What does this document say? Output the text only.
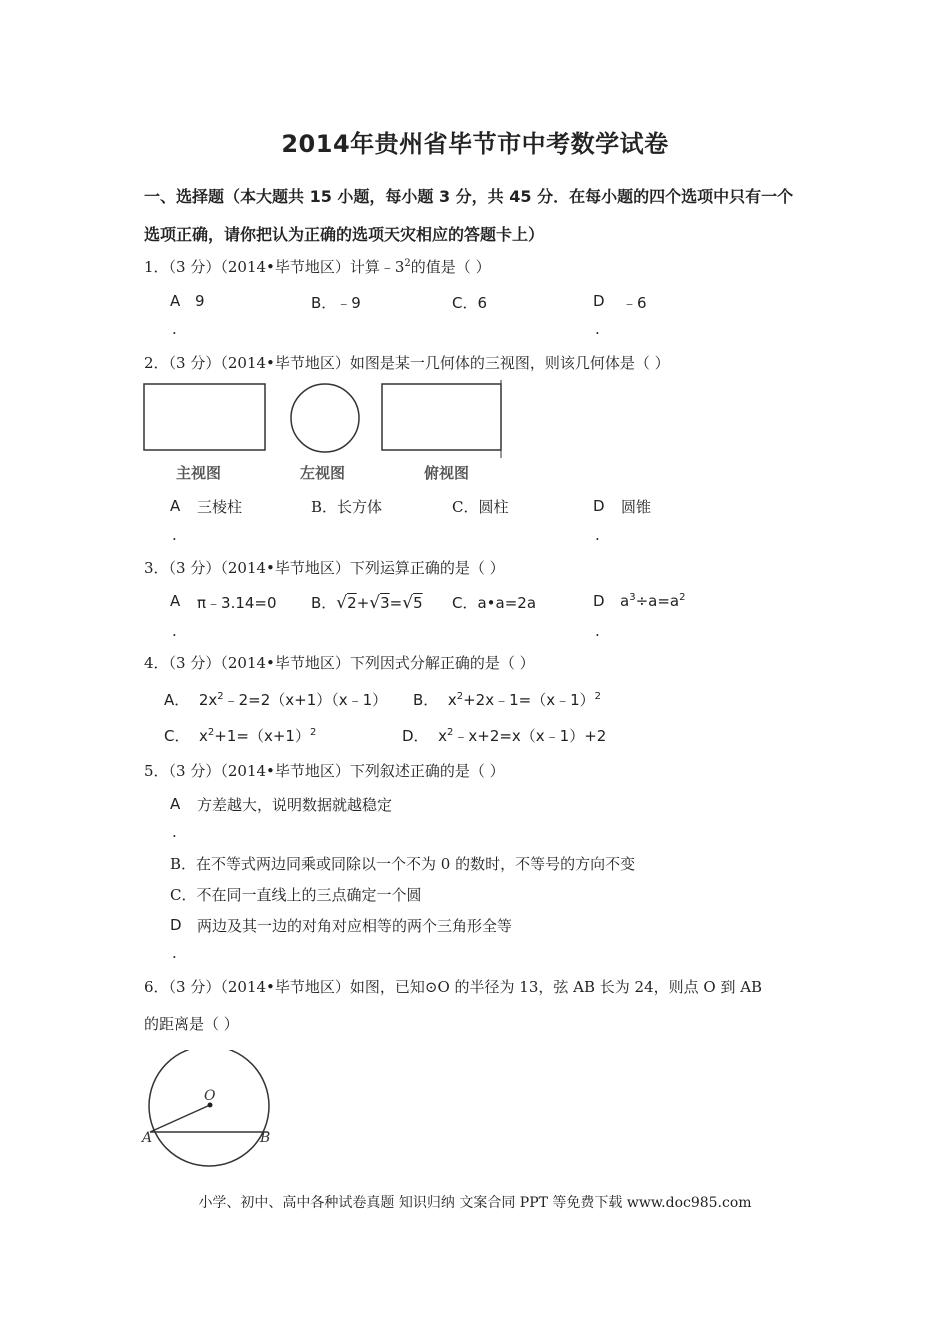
2014年贵州省毕节市中考数学试卷
一、选择题（本大题共 15 小题，每小题 3 分，共 45 分．在每小题的四个选项中只有一个
选项正确，请你把认为正确的选项天灾相应的答题卡上）
1．（3 分）（2014•毕节地区）计算$﹣3^2$的值是（ ）
A 9
.
B．﹣9	C．6	D ﹣6
.
2．（3 分）（2014•毕节地区）如图是某一几何体的三视图，则该几何体是（ ）
主视图	左视图	俯视图
A 三棱柱
.
B．长方体	C．圆柱	D 圆锥
.
3．（3 分）（2014•毕节地区）下列运算正确的是（ ）
A π﹣3.14=0
.
B．√2+√3=√5 C．a•a=2a	D $a^3\div a=a^2$
.
4．（3 分）（2014•毕节地区）下列因式分解正确的是（ ）
A． $2x^2﹣2=2(x+1)(x﹣1)$ B． $x^2+2x﹣1=(x﹣1)^2$
C． $x^2+1=(x+1)^2$	D． $x^2﹣x+2=x(x﹣1)+2$
5．（3 分）（2014•毕节地区）下列叙述正确的是（ ）
A 方差越大，说明数据就越稳定
.
B．在不等式两边同乘或同除以一个不为 0 的数时，不等号的方向不变
C．不在同一直线上的三点确定一个圆
D 两边及其一边的对角对应相等的两个三角形全等
.
6．（3 分）（2014•毕节地区）如图，已知⊙O 的半径为 13，弦 AB 长为 24，则点 O 到 AB
的距离是（ ）
O
A	B
小学、初中、高中各种试卷真题 知识归纳 文案合同 PPT 等免费下载 www.doc985.com
